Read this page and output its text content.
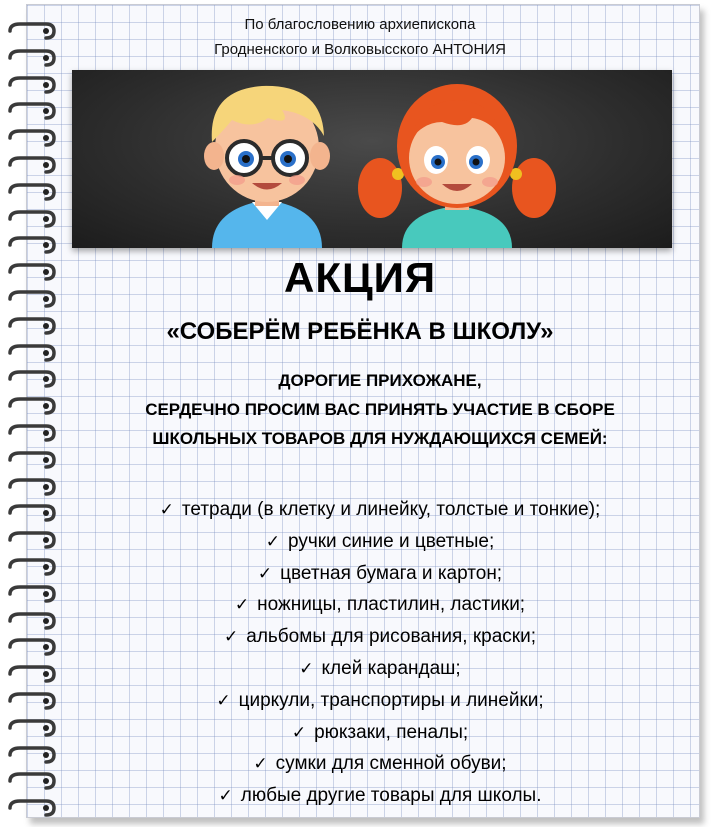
По благословению архиепископа
Гродненского и Волковысского АНТОНИЯ
АКЦИЯ
«СОБЕРЁМ РЕБЁНКА В ШКОЛУ»
ДОРОГИЕ ПРИХОЖАНЕ,
СЕРДЕЧНО ПРОСИМ ВАС ПРИНЯТЬ УЧАСТИЕ В СБОРЕ
ШКОЛЬНЫХ ТОВАРОВ ДЛЯ НУЖДАЮЩИХСЯ СЕМЕЙ:
✓ тетради (в клетку и линейку, толстые и тонкие);
✓ ручки синие и цветные;
✓ цветная бумага и картон;
✓ ножницы, пластилин, ластики;
✓ альбомы для рисования, краски;
✓ клей карандаш;
✓ циркули, транспортиры и линейки;
✓ рюкзаки, пеналы;
✓ сумки для сменной обуви;
✓ любые другие товары для школы.
